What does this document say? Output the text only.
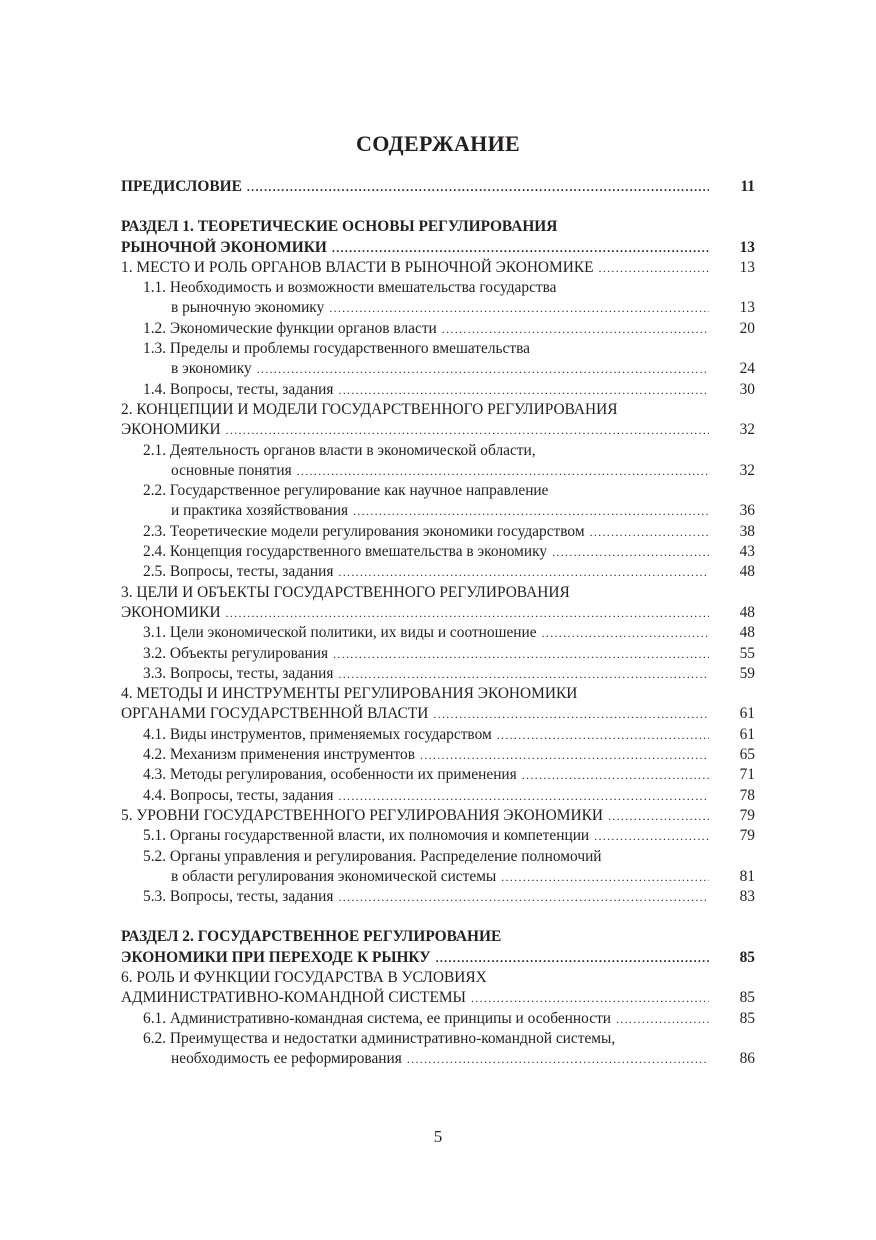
СОДЕРЖАНИЕ
ПРЕДИСЛОВИЕ .....	11
РАЗДЕЛ 1. ТЕОРЕТИЧЕСКИЕ ОСНОВЫ РЕГУЛИРОВАНИЯ
РЫНОЧНОЙ ЭКОНОМИКИ .....	13
1. МЕСТО И РОЛЬ ОРГАНОВ ВЛАСТИ В РЫНОЧНОЙ ЭКОНОМИКЕ .....	13
1.1. Необходимость и возможности вмешательства государства
в рыночную экономику .....	13
1.2. Экономические функции органов власти .....	20
1.3. Пределы и проблемы государственного вмешательства
в экономику .....	24
1.4. Вопросы, тесты, задания .....	30
2. КОНЦЕПЦИИ И МОДЕЛИ ГОСУДАРСТВЕННОГО РЕГУЛИРОВАНИЯ
ЭКОНОМИКИ .....	32
2.1. Деятельность органов власти в экономической области,
основные понятия .....	32
2.2. Государственное регулирование как научное направление
и практика хозяйствования .....	36
2.3. Теоретические модели регулирования экономики государством .....	38
2.4. Концепция государственного вмешательства в экономику .....	43
2.5. Вопросы, тесты, задания .....	48
3. ЦЕЛИ И ОБЪЕКТЫ ГОСУДАРСТВЕННОГО РЕГУЛИРОВАНИЯ
ЭКОНОМИКИ .....	48
3.1. Цели экономической политики, их виды и соотношение .....	48
3.2. Объекты регулирования .....	55
3.3. Вопросы, тесты, задания .....	59
4. МЕТОДЫ И ИНСТРУМЕНТЫ РЕГУЛИРОВАНИЯ ЭКОНОМИКИ
ОРГАНАМИ ГОСУДАРСТВЕННОЙ ВЛАСТИ .....	61
4.1. Виды инструментов, применяемых государством .....	61
4.2. Механизм применения инструментов .....	65
4.3. Методы регулирования, особенности их применения .....	71
4.4. Вопросы, тесты, задания .....	78
5. УРОВНИ ГОСУДАРСТВЕННОГО РЕГУЛИРОВАНИЯ ЭКОНОМИКИ .....	79
5.1. Органы государственной власти, их полномочия и компетенции .....	79
5.2. Органы управления и регулирования. Распределение полномочий
в области регулирования экономической системы .....	81
5.3. Вопросы, тесты, задания .....	83
РАЗДЕЛ 2. ГОСУДАРСТВЕННОЕ РЕГУЛИРОВАНИЕ
ЭКОНОМИКИ ПРИ ПЕРЕХОДЕ К РЫНКУ .....	85
6. РОЛЬ И ФУНКЦИИ ГОСУДАРСТВА В УСЛОВИЯХ
АДМИНИСТРАТИВНО-КОМАНДНОЙ СИСТЕМЫ .....	85
6.1. Административно-командная система, ее принципы и особенности .....	85
6.2. Преимущества и недостатки административно-командной системы,
необходимость ее реформирования .....	86
5
